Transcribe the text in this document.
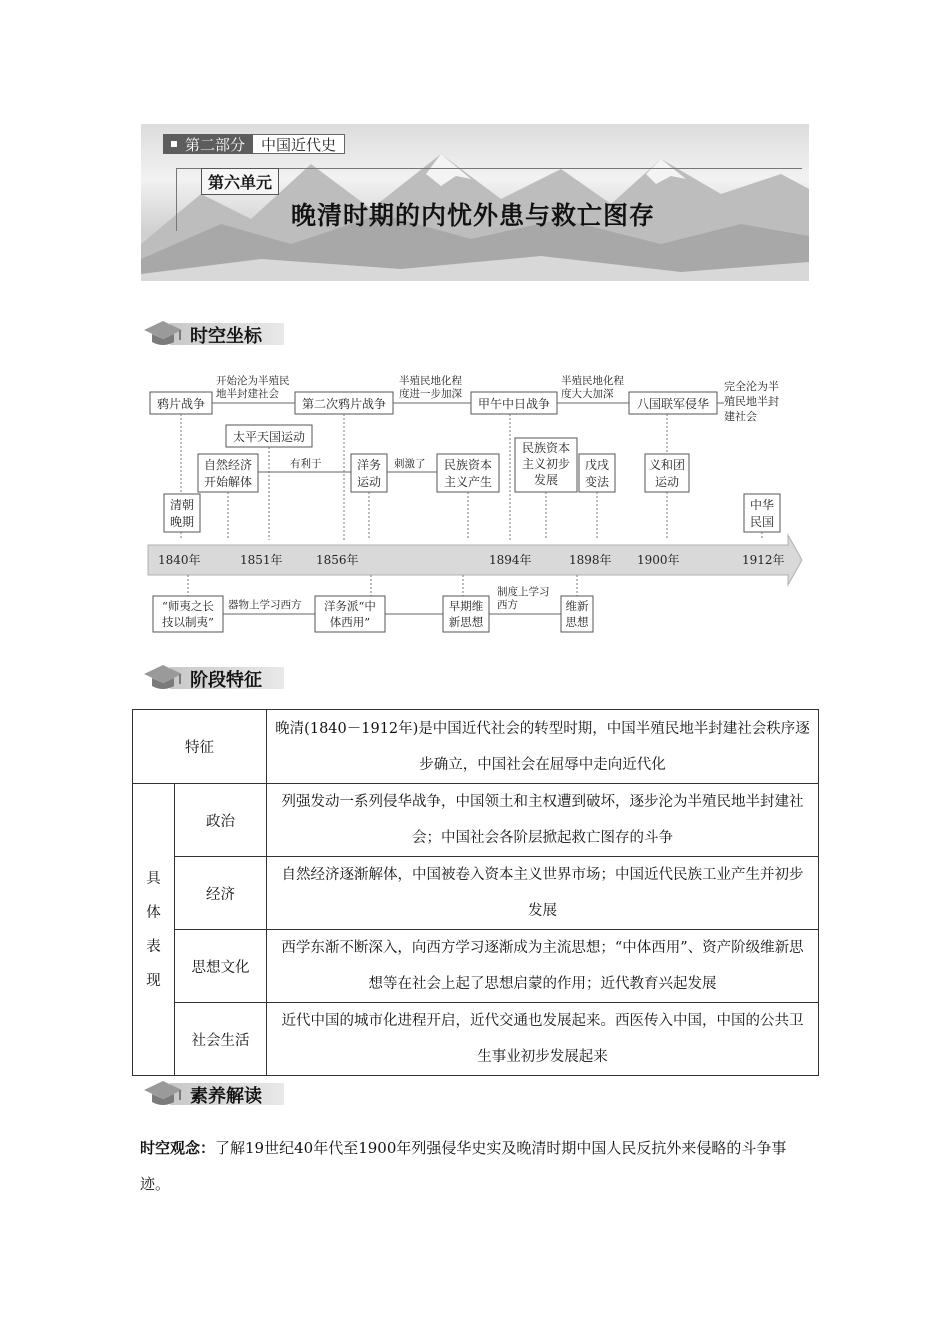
第二部分	中国近代史
第六单元
晚清时期的内忧外患与救亡图存
时空坐标
鸦片战争	第二次鸦片战争	甲午中日战争	八国联军侵华
开始沦为半殖民
地半封建社会
半殖民地化程
度进一步加深
半殖民地化程
度大大加深
完全沦为半
殖民地半封
建社会
太平天国运动
自然经济
开始解体
有利于	洋务
运动
刺激了 民族资本
主义产生
民族资本
主义初步
发展
戊戌
变法
义和团
运动
清朝
晚期
中华
民国
1840年	1851年	1856年	1894年	1898年 1900年	1912年
“师夷之长
技以制夷”
器物上学习西方 洋务派“中
体西用”
早期维
新思想
制度上学习
西方	维新
思想
阶段特征
特征		晚清(1840－1912年)是中国近代社会的转型时期，中国半殖民地半封建社会秩序逐步确立，中国社会在屈辱中走向近代化

具
体
表
现	政治	列强发动一系列侵华战争，中国领土和主权遭到破坏，逐步沦为半殖民地半封建社会；中国社会各阶层掀起救亡图存的斗争
	经济	自然经济逐渐解体，中国被卷入资本主义世界市场；中国近代民族工业产生并初步发展
	思想文化	西学东渐不断深入，向西方学习逐渐成为主流思想；“中体西用”、资产阶级维新思想等在社会上起了思想启蒙的作用；近代教育兴起发展
	社会生活	近代中国的城市化进程开启，近代交通也发展起来。西医传入中国，中国的公共卫生事业初步发展起来
素养解读
时空观念：了解19世纪40年代至1900年列强侵华史实及晚清时期中国人民反抗外来侵略的斗争事迹。
